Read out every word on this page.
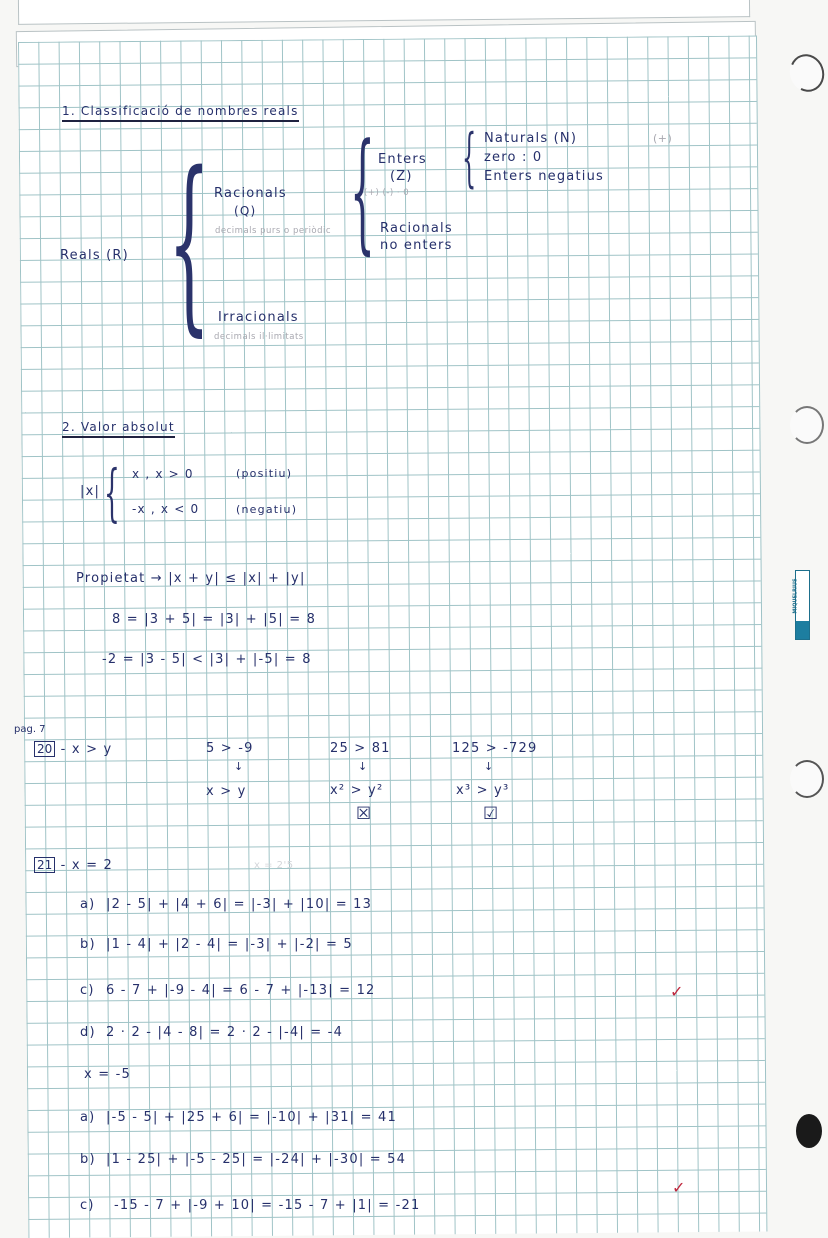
MIQUELRIUS
1. Classificació de nombres reals
Reals (R) { Racionals
(Q)
decimals purs o periòdic
Irracionals
decimals il·limitats
{ Enters
(Z)
(+) (-) · 0
Racionals
no enters
{ Naturals (N)	(+)
zero : 0
Enters negatius
2. Valor absolut
|x| { x , x > 0	(positiu)
-x , x < 0	(negatiu)
Propietat → |x + y| ≤ |x| + |y|
8 = |3 + 5| = |3| + |5| = 8
-2 = |3 - 5| < |3| + |-5| = 8
pag. 7
20 - x > y	5 > -9
↓
x > y
25 > 81
↓
x² > y²
☒
125 > -729
↓
x³ > y³
☑
21 - x = 2	x = 2'5
a) |2 - 5| + |4 + 6| = |-3| + |10| = 13
b) |1 - 4| + |2 - 4| = |-3| + |-2| = 5
c) 6 - 7 + |-9 - 4| = 6 - 7 + |-13| = 12
d) 2 · 2 - |4 - 8| = 2 · 2 - |-4| = -4
✓
x = -5
a) |-5 - 5| + |25 + 6| = |-10| + |31| = 41
b) |1 - 25| + |-5 - 25| = |-24| + |-30| = 54
c) -15 - 7 + |-9 + 10| = -15 - 7 + |1| = -21
✓
